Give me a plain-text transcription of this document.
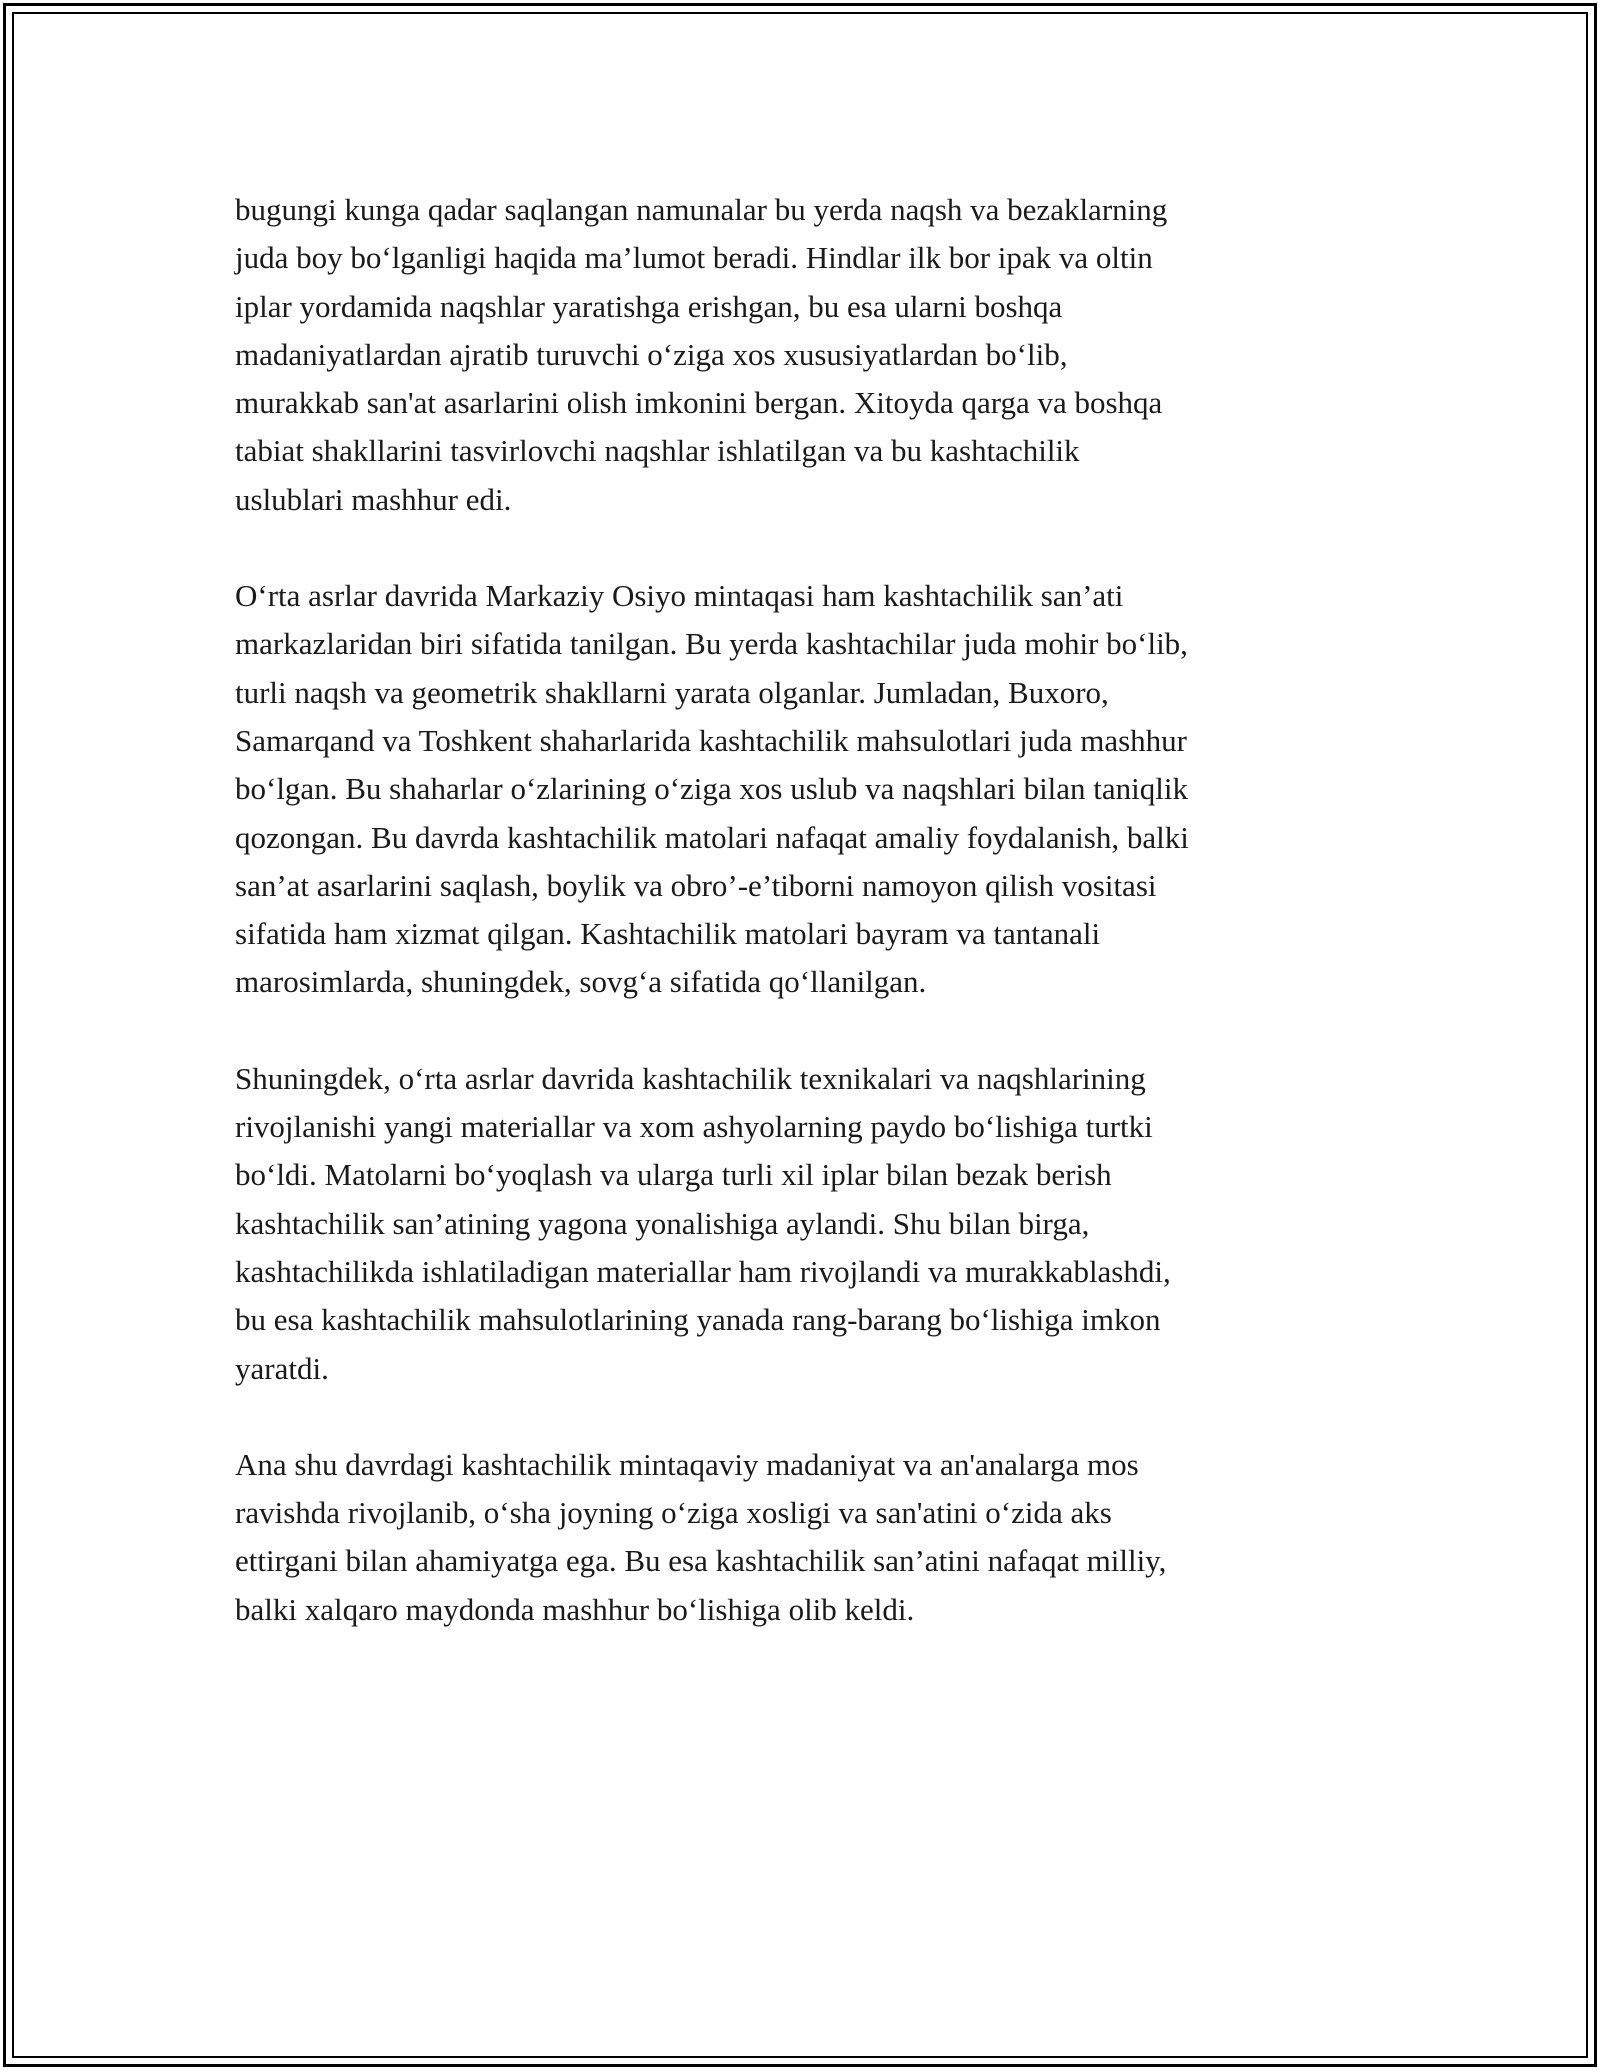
bugungi kunga qadar saqlangan namunalar bu yerda naqsh va bezaklarning
juda boy bo‘lganligi haqida ma’lumot beradi. Hindlar ilk bor ipak va oltin
iplar yordamida naqshlar yaratishga erishgan, bu esa ularni boshqa
madaniyatlardan ajratib turuvchi o‘ziga xos xususiyatlardan bo‘lib,
murakkab san'at asarlarini olish imkonini bergan. Xitoyda qarga va boshqa
tabiat shakllarini tasvirlovchi naqshlar ishlatilgan va bu kashtachilik
uslublari mashhur edi.

O‘rta asrlar davrida Markaziy Osiyo mintaqasi ham kashtachilik san’ati
markazlaridan biri sifatida tanilgan. Bu yerda kashtachilar juda mohir bo‘lib,
turli naqsh va geometrik shakllarni yarata olganlar. Jumladan, Buxoro,
Samarqand va Toshkent shaharlarida kashtachilik mahsulotlari juda mashhur
bo‘lgan. Bu shaharlar o‘zlarining o‘ziga xos uslub va naqshlari bilan taniqlik
qozongan. Bu davrda kashtachilik matolari nafaqat amaliy foydalanish, balki
san’at asarlarini saqlash, boylik va obro’-e’tiborni namoyon qilish vositasi
sifatida ham xizmat qilgan. Kashtachilik matolari bayram va tantanali
marosimlarda, shuningdek, sovg‘a sifatida qo‘llanilgan.

Shuningdek, o‘rta asrlar davrida kashtachilik texnikalari va naqshlarining
rivojlanishi yangi materiallar va xom ashyolarning paydo bo‘lishiga turtki
bo‘ldi. Matolarni bo‘yoqlash va ularga turli xil iplar bilan bezak berish
kashtachilik san’atining yagona yonalishiga aylandi. Shu bilan birga,
kashtachilikda ishlatiladigan materiallar ham rivojlandi va murakkablashdi,
bu esa kashtachilik mahsulotlarining yanada rang-barang bo‘lishiga imkon
yaratdi.

Ana shu davrdagi kashtachilik mintaqaviy madaniyat va an'analarga mos
ravishda rivojlanib, o‘sha joyning o‘ziga xosligi va san'atini o‘zida aks
ettirgani bilan ahamiyatga ega. Bu esa kashtachilik san’atini nafaqat milliy,
balki xalqaro maydonda mashhur bo‘lishiga olib keldi.
